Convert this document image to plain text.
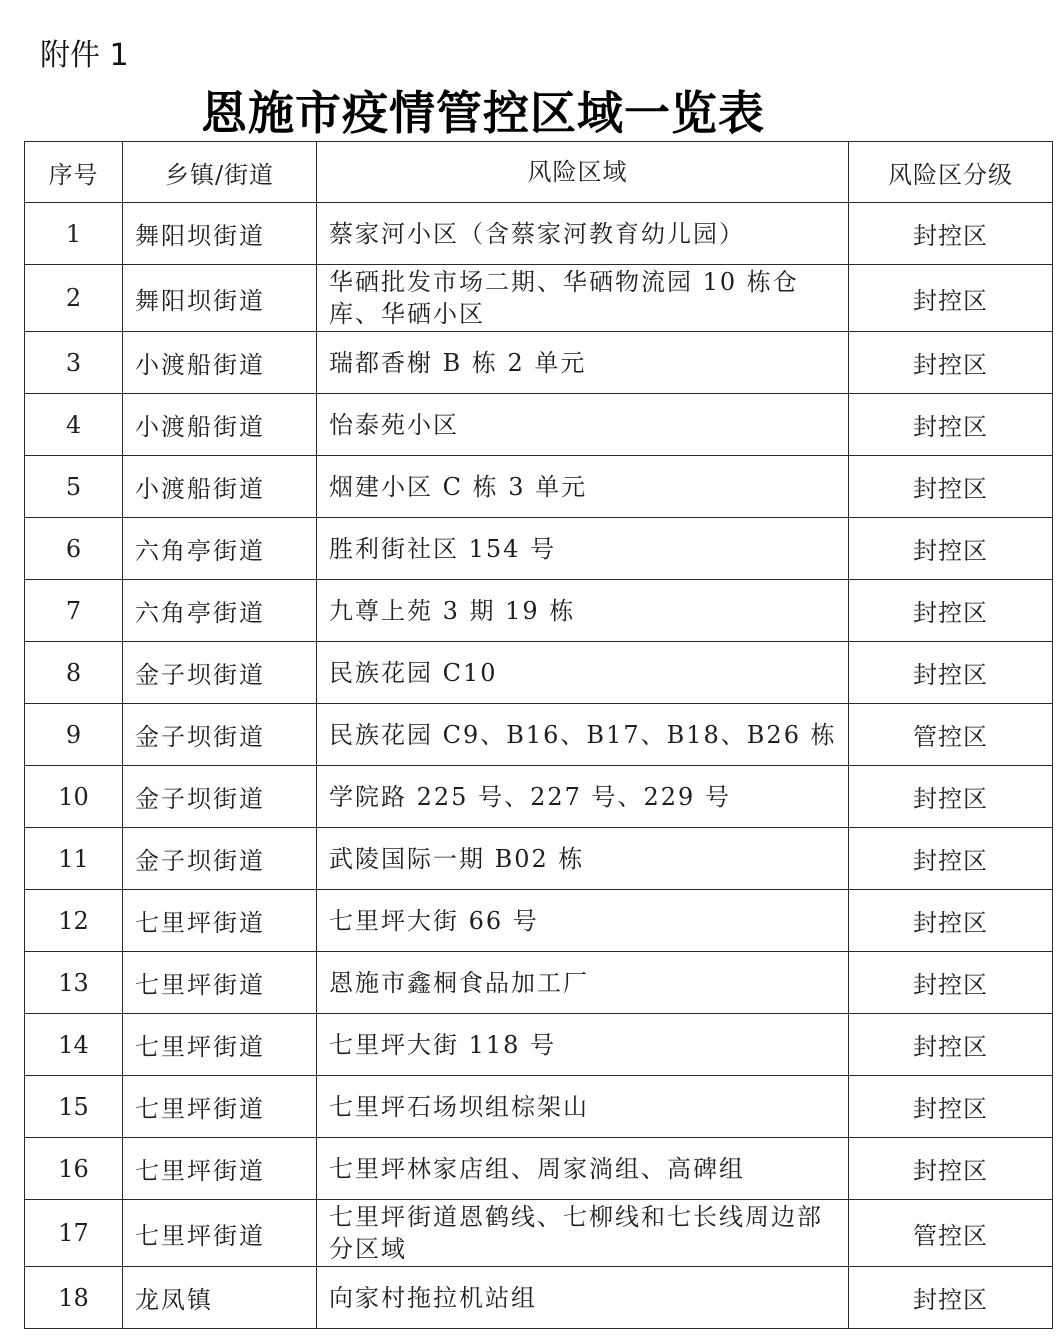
附件 1
恩施市疫情管控区域一览表
序号	乡镇/街道	风险区域	风险区分级
1	舞阳坝街道	蔡家河小区（含蔡家河教育幼儿园）	封控区
2	舞阳坝街道	华硒批发市场二期、华硒物流园 10 栋仓库、华硒小区	封控区
3	小渡船街道	瑞都香榭 B 栋 2 单元	封控区
4	小渡船街道	怡泰苑小区	封控区
5	小渡船街道	烟建小区 C 栋 3 单元	封控区
6	六角亭街道	胜利街社区 154 号	封控区
7	六角亭街道	九尊上苑 3 期 19 栋	封控区
8	金子坝街道	民族花园 C10	封控区
9	金子坝街道	民族花园 C9、B16、B17、B18、B26 栋	管控区
10	金子坝街道	学院路 225 号、227 号、229 号	封控区
11	金子坝街道	武陵国际一期 B02 栋	封控区
12	七里坪街道	七里坪大街 66 号	封控区
13	七里坪街道	恩施市鑫桐食品加工厂	封控区
14	七里坪街道	七里坪大街 118 号	封控区
15	七里坪街道	七里坪石场坝组棕架山	封控区
16	七里坪街道	七里坪林家店组、周家淌组、高碑组	封控区
17	七里坪街道	七里坪街道恩鹤线、七柳线和七长线周边部分区域	管控区
18	龙凤镇	向家村拖拉机站组	封控区
